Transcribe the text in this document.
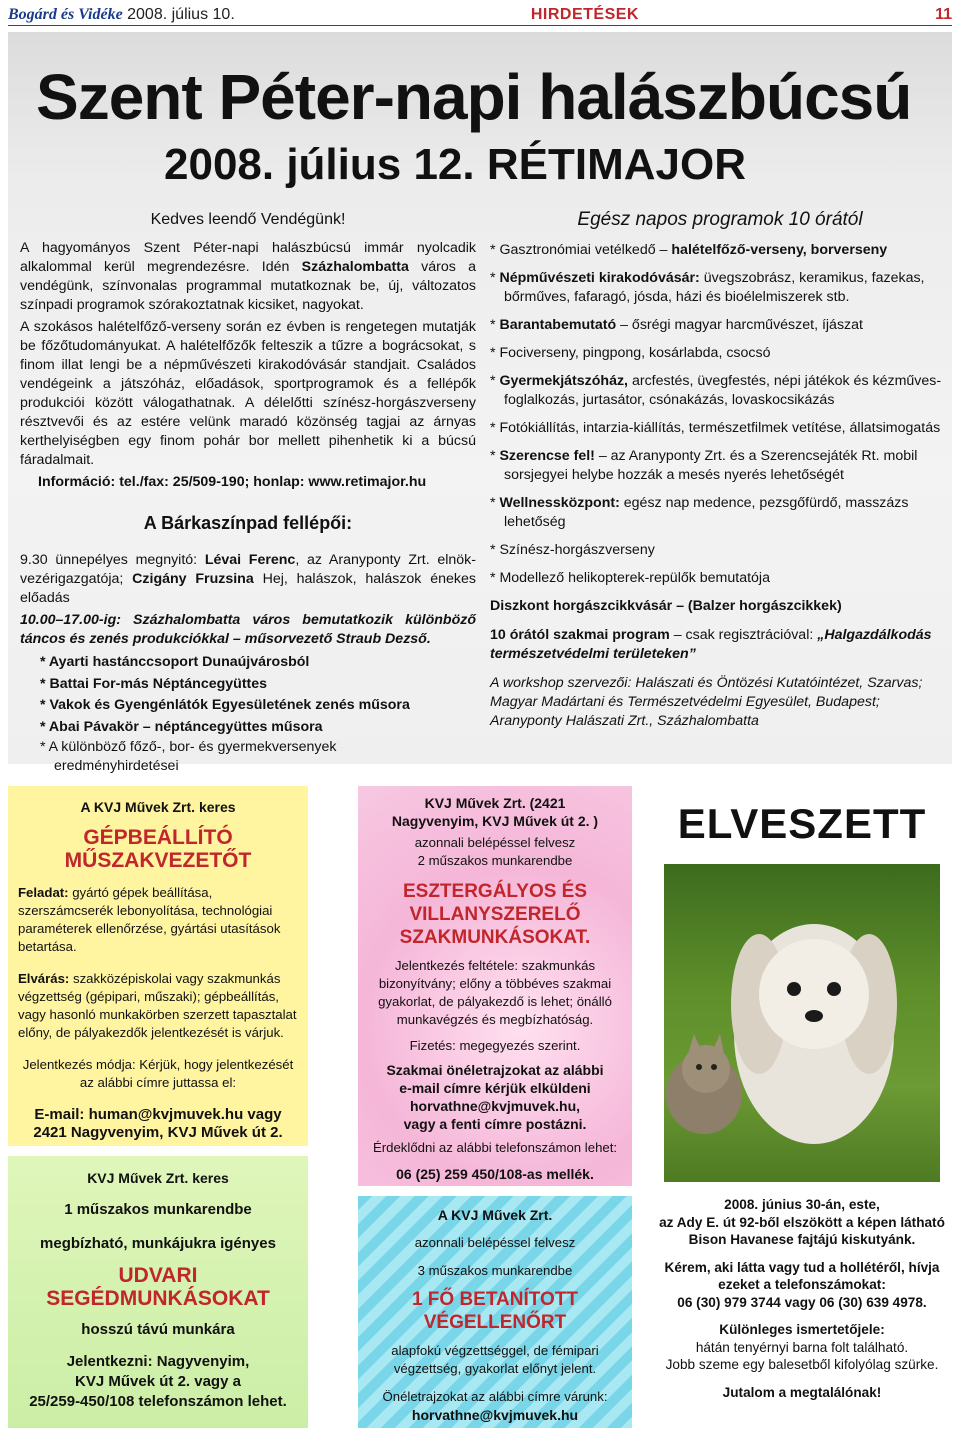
Bogárd és Vidéke 2008. július 10.	HIRDETÉSEK	11
Szent Péter-napi halászbúcsú
2008. július 12. RÉTIMAJOR
Kedves leendő Vendégünk!

A hagyományos Szent Péter-napi halászbúcsú immár nyolcadik alkalommal kerül megrendezésre. Idén Százhalombatta város a vendégünk, színvonalas programmal mutatkoznak be, új, változatos színpadi programok szórakoztatnak kicsiket, nagyokat.

A szokásos halételfőző-verseny során ez évben is rengetegen mutatják be főzőtudományukat. A halételfőzők felteszik a tűzre a bográcsokat, s finom illat lengi be a népművészeti kirakodóvásár standjait. Családos vendégeink a játszóház, előadások, sportprogramok és a fellépők produkciói között válogathatnak. A délelőtti színész-horgászverseny résztvevői és az estére velünk maradó közönség tagjai az árnyas kerthelyiségben egy finom pohár bor mellett pihenhetik ki a búcsú fáradalmait.

Információ: tel./fax: 25/509-190; honlap: www.retimajor.hu
A Bárkaszínpad fellépői:

9.30 ünnepélyes megnyitó: Lévai Ferenc, az Aranyponty Zrt. elnök-vezérigazgatója; Czigány Fruzsina Hej, halászok, halászok énekes előadás

10.00–17.00-ig: Százhalombatta város bemutatkozik különböző táncos és zenés produkciókkal – műsorvezető Straub Dezső.

* Ayarti hastánccsoport Dunaújvárosból
* Battai For-más Néptáncegyüttes
* Vakok és Gyengénlátók Egyesületének zenés műsora
* Abai Pávakör – néptáncegyüttes műsora
* A különböző főző-, bor- és gyermekversenyek
eredményhirdetései
Egész napos programok 10 órától
* Gasztronómiai vetélkedő – halételfőző-verseny, borverseny
* Népművészeti kirakodóvásár: üvegszobrász, keramikus, fazekas, bőrműves, fafaragó, jósda, házi és bioélelmiszerek stb.
* Barantabemutató – ősrégi magyar harcművészet, íjászat
* Fociverseny, pingpong, kosárlabda, csocsó
* Gyermekjátszóház, arcfestés, üvegfestés, népi játékok és kézműves-foglalkozás, jurtasátor, csónakázás, lovaskocsikázás
* Fotókiállítás, intarzia-kiállítás, természetfilmek vetítése, állatsimogatás
* Szerencse fel! – az Aranyponty Zrt. és a Szerencsejáték Rt. mobil sorsjegyei helybe hozzák a mesés nyerés lehetőségét
* Wellnessközpont: egész nap medence, pezsgőfürdő, masszázs lehetőség
* Színész-horgászverseny
* Modellező helikopterek-repülők bemutatója
Diszkont horgászcikkvásár – (Balzer horgászcikkek)
10 órától szakmai program – csak regisztrációval: „Halgazdálkodás természetvédelmi területeken”
A workshop szervezői: Halászati és Öntözési Kutatóintézet, Szarvas; Magyar Madártani és Természetvédelmi Egyesület, Budapest; Aranyponty Halászati Zrt., Százhalombatta
A KVJ Művek Zrt. keres
GÉPBEÁLLÍTÓ MŰSZAKVEZETŐT
Feladat: gyártó gépek beállítása, szerszámcserék lebonyolítása, technológiai paraméterek ellenőrzése, gyártási utasítások betartása.
Elvárás: szakközépiskolai vagy szakmunkás végzettség (gépipari, műszaki); gépbeállítás, vagy hasonló munkakörben szerzett tapasztalat előny, de pályakezdők jelentkezését is várjuk.
Jelentkezés módja: Kérjük, hogy jelentkezését az alábbi címre juttassa el:
E-mail: human@kvjmuvek.hu vagy
2421 Nagyvenyim, KVJ Művek út 2.
KVJ Művek Zrt. keres
1 műszakos munkarendbe
megbízható, munkájukra igényes
UDVARI SEGÉDMUNKÁSOKAT
hosszú távú munkára
Jelentkezni: Nagyvenyim,
KVJ Művek út 2. vagy a
25/259-450/108 telefonszámon lehet.
KVJ Művek Zrt. (2421 Nagyvenyim, KVJ Művek út 2. )
azonnali belépéssel felvesz
2 műszakos munkarendbe
ESZTERGÁLYOS ÉS VILLANYSZERELŐ SZAKMUNKÁSOKAT.
Jelentkezés feltétele: szakmunkás bizonyítvány; előny a többéves szakmai gyakorlat, de pályakezdő is lehet; önálló munkavégzés és megbízhatóság.
Fizetés: megegyezés szerint.
Szakmai önéletrajzokat az alábbi
e-mail címre kérjük elküldeni
horvathne@kvjmuvek.hu,
vagy a fenti címre postázni.
Érdeklődni az alábbi telefonszámon lehet:
06 (25) 259 450/108-as mellék.
A KVJ Művek Zrt.
azonnali belépéssel felvesz
3 műszakos munkarendbe
1 FŐ BETANÍTOTT VÉGELLENŐRT
alapfokú végzettséggel, de fémipari végzettség, gyakorlat előnyt jelent.
Önéletrajzokat az alábbi címre várunk:
horvathne@kvjmuvek.hu
ELVESZETT

2008. június 30-án, este,
az Ady E. út 92-ből elszökött a képen látható Bison Havanese fajtájú kiskutyánk.

Kérem, aki látta vagy tud a hollétéről, hívja ezeket a telefonszámokat:
06 (30) 979 3744 vagy 06 (30) 639 4978.

Különleges ismertetőjele:
hátán tenyérnyi barna folt található.
Jobb szeme egy balesetből kifolyólag szürke.

Jutalom a megtalálónak!
